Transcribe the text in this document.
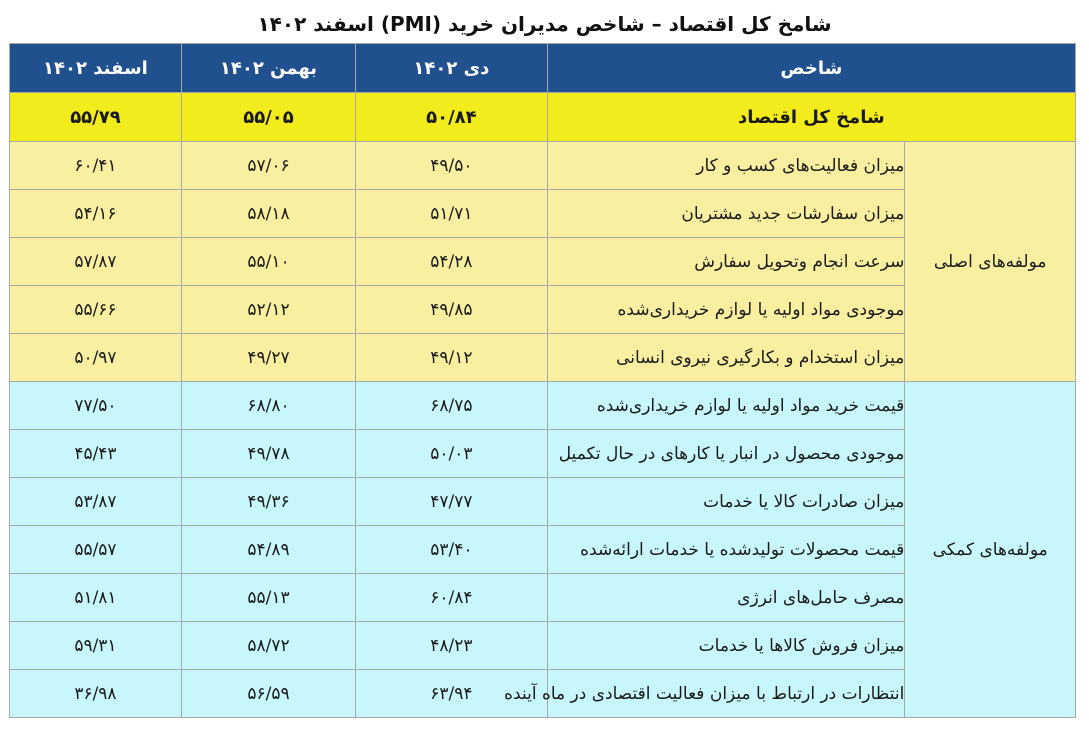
شامخ کل اقتصاد – شاخص مدیران خرید (PMI) اسفند ۱۴۰۲
شاخص		دی ۱۴۰۲	بهمن ۱۴۰۲	اسفند ۱۴۰۲
شامخ کل اقتصاد		۵۰/۸۴	۵۵/۰۵	۵۵/۷۹
مولفه‌های اصلی	میزان فعالیت‌های کسب و کار	۴۹/۵۰	۵۷/۰۶	۶۰/۴۱
	میزان سفارشات جدید مشتریان	۵۱/۷۱	۵۸/۱۸	۵۴/۱۶
	سرعت انجام وتحویل سفارش	۵۴/۲۸	۵۵/۱۰	۵۷/۸۷
	موجودی مواد اولیه یا لوازم خریداری‌شده	۴۹/۸۵	۵۲/۱۲	۵۵/۶۶
	میزان استخدام و بکارگیری نیروی انسانی	۴۹/۱۲	۴۹/۲۷	۵۰/۹۷
مولفه‌های کمکی	قیمت خرید مواد اولیه یا لوازم خریداری‌شده	۶۸/۷۵	۶۸/۸۰	۷۷/۵۰
	موجودی محصول در انبار یا کارهای در حال تکمیل	۵۰/۰۳	۴۹/۷۸	۴۵/۴۳
	میزان صادرات کالا یا خدمات	۴۷/۷۷	۴۹/۳۶	۵۳/۸۷
	قیمت محصولات تولیدشده یا خدمات ارائه‌شده	۵۳/۴۰	۵۴/۸۹	۵۵/۵۷
	مصرف حامل‌های انرژی	۶۰/۸۴	۵۵/۱۳	۵۱/۸۱
	میزان فروش کالاها یا خدمات	۴۸/۲۳	۵۸/۷۲	۵۹/۳۱
	انتظارات در ارتباط با میزان فعالیت اقتصادی در ماه آینده	۶۳/۹۴	۵۶/۵۹	۳۶/۹۸
